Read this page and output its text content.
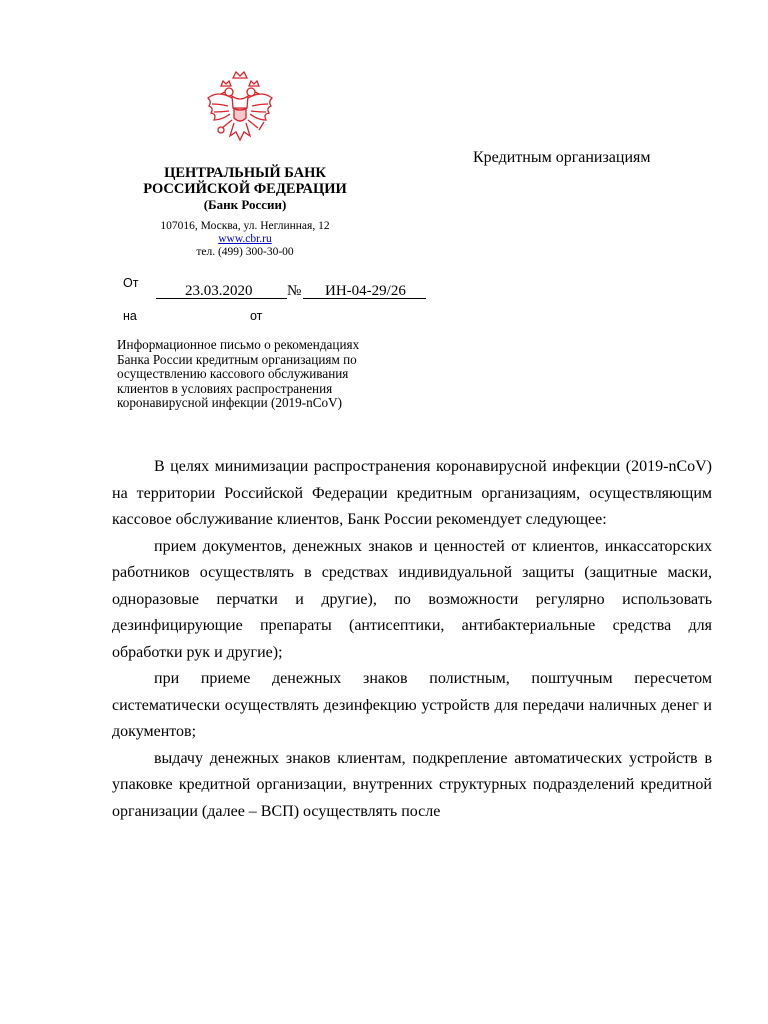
ЦЕНТРАЛЬНЫЙ БАНК
РОССИЙСКОЙ ФЕДЕРАЦИИ
(Банк России)
107016, Москва, ул. Неглинная, 12
www.cbr.ru
тел. (499) 300-30-00
Кредитным организациям
От	23.03.2020 № ИН-04-29/26
на	от
Информационное письмо о рекомендациях
Банка России кредитным организациям по
осуществлению кассового обслуживания
клиентов в условиях распространения
коронавирусной инфекции (2019-nCoV)

В целях минимизации распространения коронавирусной инфекции (2019-nCoV) на территории Российской Федерации кредитным организациям, осуществляющим кассовое обслуживание клиентов, Банк России рекомендует следующее:

прием документов, денежных знаков и ценностей от клиентов, инкассаторских работников осуществлять в средствах индивидуальной защиты (защитные маски, одноразовые перчатки и другие), по возможности регулярно использовать дезинфицирующие препараты (антисептики, антибактериальные средства для обработки рук и другие);

при приеме денежных знаков полистным, поштучным пересчетом систематически осуществлять дезинфекцию устройств для передачи наличных денег и документов;

выдачу денежных знаков клиентам, подкрепление автоматических устройств в упаковке кредитной организации, внутренних структурных подразделений кредитной организации (далее – ВСП) осуществлять после
